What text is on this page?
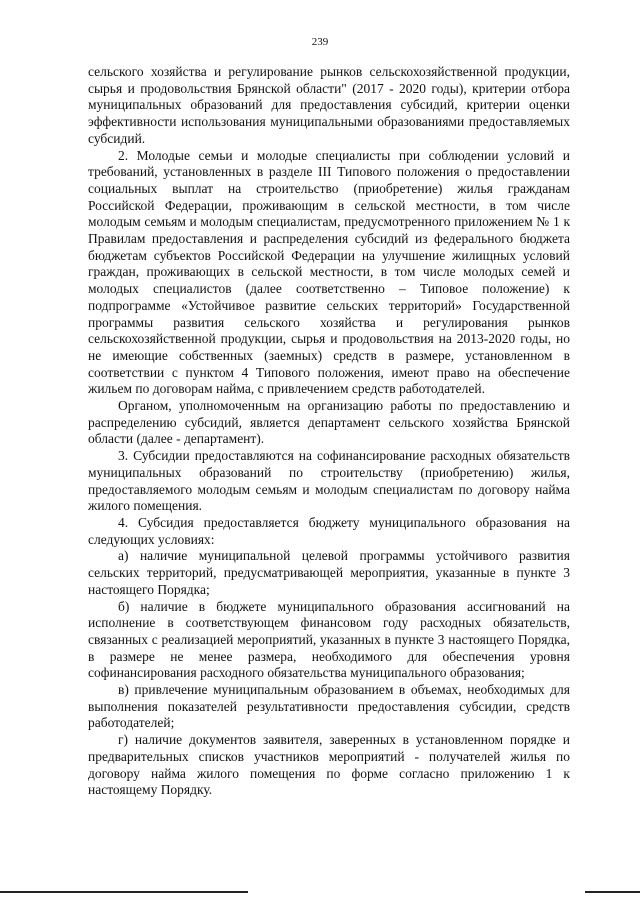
239

сельского хозяйства и регулирование рынков сельскохозяйственной продукции, сырья и продовольствия Брянской области" (2017 - 2020 годы), критерии отбора муниципальных образований для предоставления субсидий, критерии оценки эффективности использования муниципальными образованиями предоставляемых субсидий.

2. Молодые семьи и молодые специалисты при соблюдении условий и требований, установленных в разделе III Типового положения о предоставлении социальных выплат на строительство (приобретение) жилья гражданам Российской Федерации, проживающим в сельской местности, в том числе молодым семьям и молодым специалистам, предусмотренного приложением № 1 к Правилам предоставления и распределения субсидий из федерального бюджета бюджетам субъектов Российской Федерации на улучшение жилищных условий граждан, проживающих в сельской местности, в том числе молодых семей и молодых специалистов (далее соответственно – Типовое положение) к подпрограмме «Устойчивое развитие сельских территорий» Государственной программы развития сельского хозяйства и регулирования рынков сельскохозяйственной продукции, сырья и продовольствия на 2013-2020 годы, но не имеющие собственных (заемных) средств в размере, установленном в соответствии с пунктом 4 Типового положения, имеют право на обеспечение жильем по договорам найма, с привлечением средств работодателей.

Органом, уполномоченным на организацию работы по предоставлению и распределению субсидий, является департамент сельского хозяйства Брянской области (далее - департамент).

3. Субсидии предоставляются на софинансирование расходных обязательств муниципальных образований по строительству (приобретению) жилья, предоставляемого молодым семьям и молодым специалистам по договору найма жилого помещения.

4. Субсидия предоставляется бюджету муниципального образования на следующих условиях:

а) наличие муниципальной целевой программы устойчивого развития сельских территорий, предусматривающей мероприятия, указанные в пункте 3 настоящего Порядка;

б) наличие в бюджете муниципального образования ассигнований на исполнение в соответствующем финансовом году расходных обязательств, связанных с реализацией мероприятий, указанных в пункте 3 настоящего Порядка, в размере не менее размера, необходимого для обеспечения уровня софинансирования расходного обязательства муниципального образования;

в) привлечение муниципальным образованием в объемах, необходимых для выполнения показателей результативности предоставления субсидии, средств работодателей;

г) наличие документов заявителя, заверенных в установленном порядке и предварительных списков участников мероприятий - получателей жилья по договору найма жилого помещения по форме согласно приложению 1 к настоящему Порядку.
